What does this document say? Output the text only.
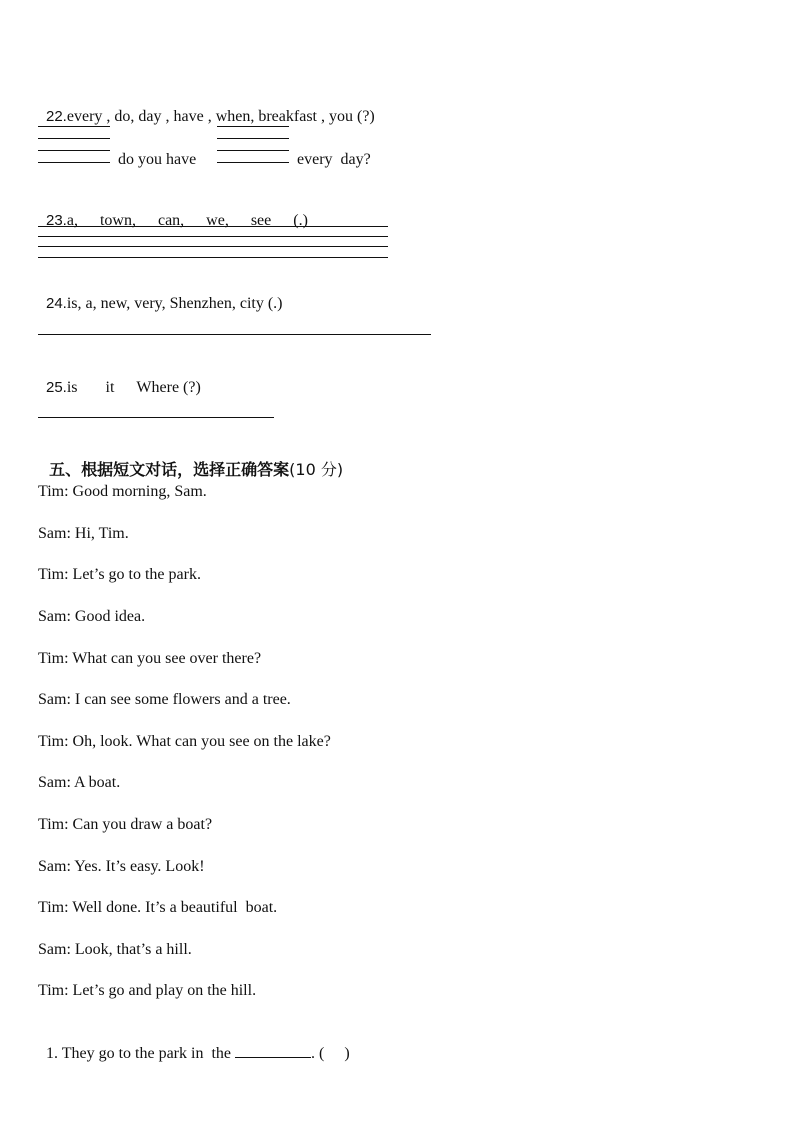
22.every , do, day , have , when, breakfast , you (?)

do you have	every  day?

23.a, town, can, we, see (.)

24.is, a, new, very, Shenzhen, city (.)

25.is it Where (?)

五、根据短文对话，选择正确答案(10 分)

Tim: Good morning, Sam.
Sam: Hi, Tim.
Tim: Let’s go to the park.
Sam: Good idea.
Tim: What can you see over there?
Sam: I can see some flowers and a tree.
Tim: Oh, look. What can you see on the lake?
Sam: A boat.
Tim: Can you draw a boat?
Sam: Yes. It’s easy. Look!
Tim: Well done. It’s a beautiful  boat.
Sam: Look, that’s a hill.
Tim: Let’s go and play on the hill.

1. They go to the park in  the	. (     )
